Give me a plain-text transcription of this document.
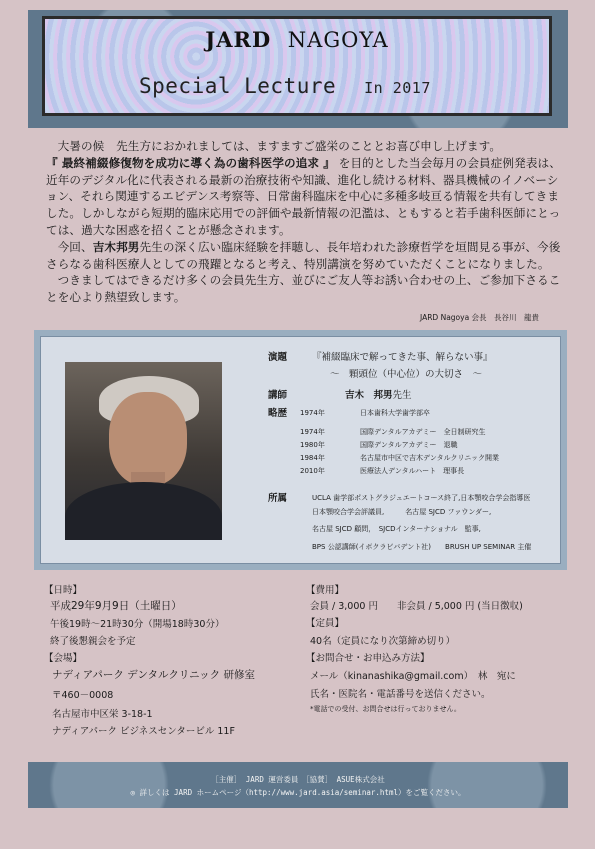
JARD NAGOYA
Special Lecture In 2017

大暑の候　先生方におかれましては、ますますご盛栄のこととお喜び申し上げます。

『 最終補綴修復物を成功に導く為の歯科医学の追求 』 を目的とした当会毎月の会員症例発表は、近年のデジタル化に代表される最新の治療技術や知識、進化し続ける材料、器具機械のイノベーション、それら関連するエビデンス考察等、日常歯科臨床を中心に多種多岐亘る情報を共有してきました。しかしながら短期的臨床応用での評価や最新情報の氾濫は、ともすると若手歯科医師にとっては、過大な困惑を招くことが懸念されます。

今回、吉木邦男先生の深く広い臨床経験を拝聴し、長年培われた診療哲学を垣間見る事が、今後さらなる歯科医療人としての飛躍となると考え、特別講演を努めていただくことになりました。

つきましてはできるだけ多くの会員先生方、並びにご友人等お誘い合わせの上、ご参加下さることを心より熱望致します。

JARD Nagoya 会長　長谷川　龍貴
演題	『補綴臨床で解ってきた事、解らない事』
～　顆頭位（中心位）の大切さ　～
講師	吉木　邦男先生
略歴 1974年	日本歯科大学歯学部卒
1974年	国際デンタルアカデミー　全日制研究生
1980年	国際デンタルアカデミー　退職
1984年	名古屋市中区で吉木デンタルクリニック開業
2010年	医療法人デンタルハート　理事長
所属	UCLA 歯学部ポストグラジュエートコース終了,日本顎咬合学会指導医
日本顎咬合学会評議員,　　　名古屋 SJCD ファウンダー,
名古屋 SJCD 顧問，　SJCDインターナショナル　監事,
BPS 公認講師(イボクラビバデント社)　　BRUSH UP SEMINAR 主催
【日時】
平成29年9月9日（土曜日）
午後19時～21時30分（開場18時30分）
終了後懇親会を予定
【会場】
ナディアパーク デンタルクリニック 研修室
〒460－0008
名古屋市中区栄 3-18-1
ナディアパーク ビジネスセンタービル 11F
【費用】
会員 / 3,000 円　　非会員 / 5,000 円 (当日徴収)
【定員】
40名（定員になり次第締め切り）
【お問合せ・お申込み方法】
メール（kinanashika@gmail.com）　林　宛に
氏名・医院名・電話番号を送信ください。
*電話での受付、お問合せは行っておりません。
［主催］ JARD 運営委員　［協賛］ ASUE株式会社
◎ 詳しくは JARD ホームページ（http://www.jard.asia/seminar.html）をご覧ください。
